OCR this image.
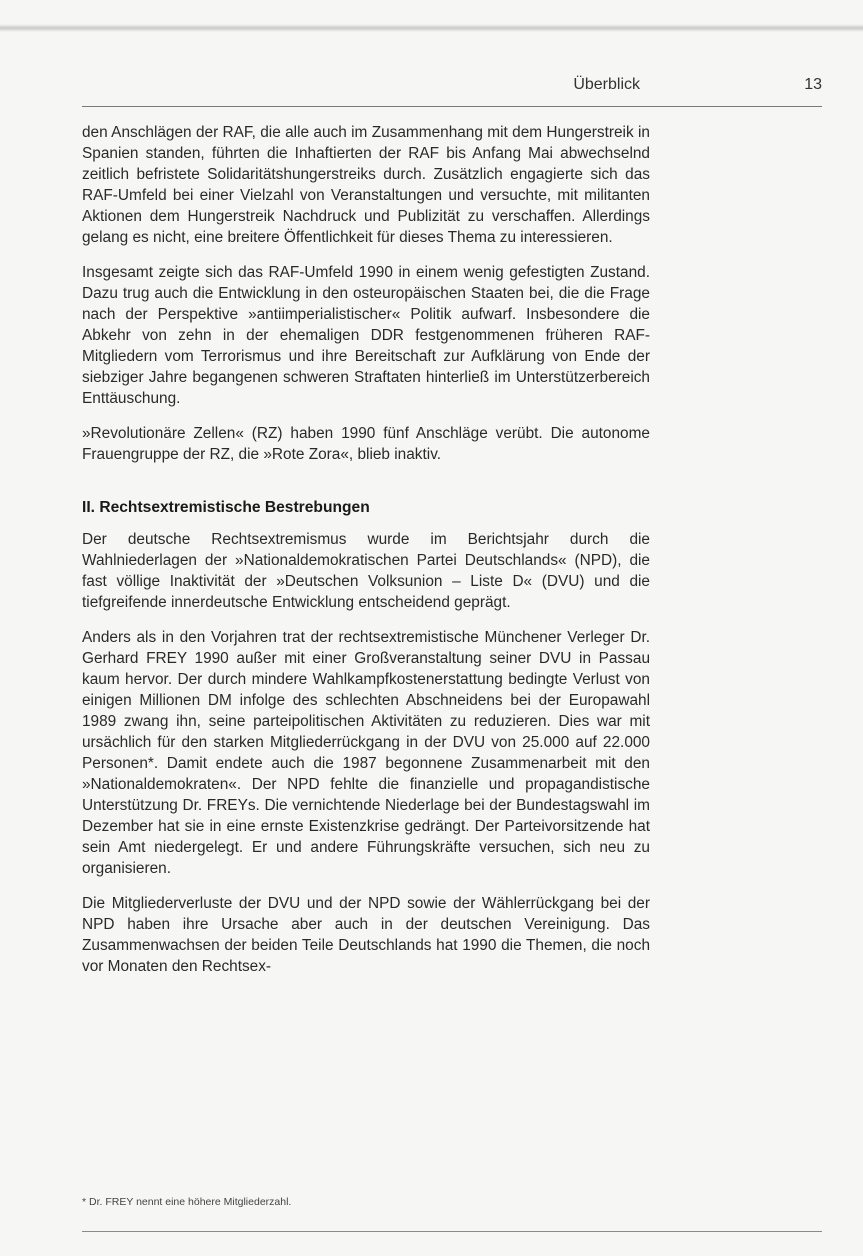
Überblick	13

den Anschlägen der RAF, die alle auch im Zusammenhang mit dem Hungerstreik in Spanien standen, führten die Inhaftierten der RAF bis Anfang Mai abwechselnd zeitlich befristete Solidaritätshungerstreiks durch. Zusätzlich engagierte sich das RAF-Umfeld bei einer Vielzahl von Veranstaltungen und versuchte, mit militanten Aktionen dem Hungerstreik Nachdruck und Publizität zu verschaffen. Allerdings gelang es nicht, eine breitere Öffentlichkeit für dieses Thema zu interessieren.

Insgesamt zeigte sich das RAF-Umfeld 1990 in einem wenig gefestigten Zustand. Dazu trug auch die Entwicklung in den osteuropäischen Staaten bei, die die Frage nach der Perspektive »antiimperialistischer« Politik aufwarf. Insbesondere die Abkehr von zehn in der ehemaligen DDR festgenommenen früheren RAF-Mitgliedern vom Terrorismus und ihre Bereitschaft zur Aufklärung von Ende der siebziger Jahre begangenen schweren Straftaten hinterließ im Unterstützerbereich Enttäuschung.

»Revolutionäre Zellen« (RZ) haben 1990 fünf Anschläge verübt. Die autonome Frauengruppe der RZ, die »Rote Zora«, blieb inaktiv.

II. Rechtsextremistische Bestrebungen

Der deutsche Rechtsextremismus wurde im Berichtsjahr durch die Wahlniederlagen der »Nationaldemokratischen Partei Deutschlands« (NPD), die fast völlige Inaktivität der »Deutschen Volksunion – Liste D« (DVU) und die tiefgreifende innerdeutsche Entwicklung entscheidend geprägt.

Anders als in den Vorjahren trat der rechtsextremistische Münchener Verleger Dr. Gerhard FREY 1990 außer mit einer Großveranstaltung seiner DVU in Passau kaum hervor. Der durch mindere Wahlkampfkostenerstattung bedingte Verlust von einigen Millionen DM infolge des schlechten Abschneidens bei der Europawahl 1989 zwang ihn, seine parteipolitischen Aktivitäten zu reduzieren. Dies war mit ursächlich für den starken Mitgliederrückgang in der DVU von 25.000 auf 22.000 Personen*. Damit endete auch die 1987 begonnene Zusammenarbeit mit den »Nationaldemokraten«. Der NPD fehlte die finanzielle und propagandistische Unterstützung Dr. FREYs. Die vernichtende Niederlage bei der Bundestagswahl im Dezember hat sie in eine ernste Existenzkrise gedrängt. Der Parteivorsitzende hat sein Amt niedergelegt. Er und andere Führungskräfte versuchen, sich neu zu organisieren.

Die Mitgliederverluste der DVU und der NPD sowie der Wählerrückgang bei der NPD haben ihre Ursache aber auch in der deutschen Vereinigung. Das Zusammenwachsen der beiden Teile Deutschlands hat 1990 die Themen, die noch vor Monaten den Rechtsex-

* Dr. FREY nennt eine höhere Mitgliederzahl.
